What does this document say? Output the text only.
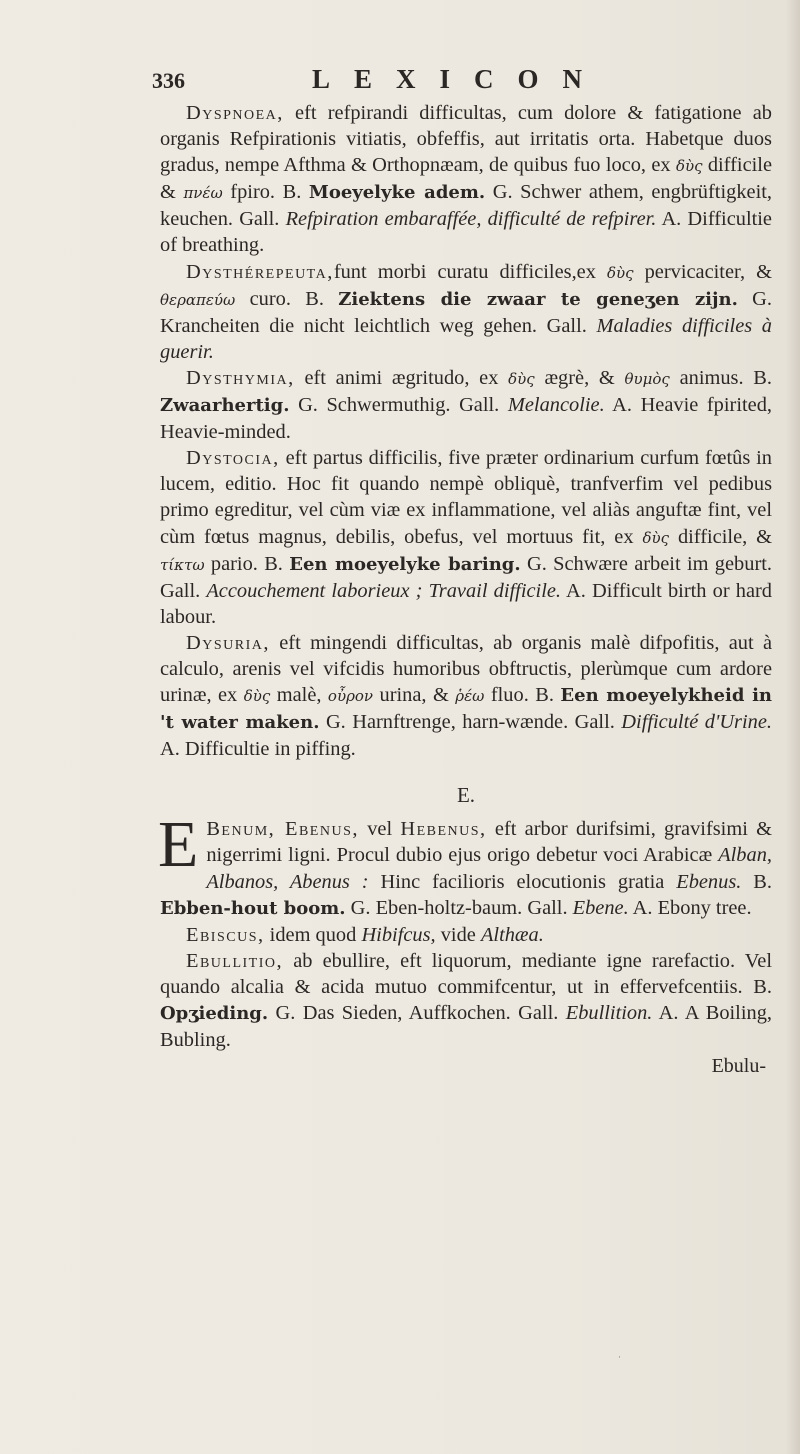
336	LEXICON

Dyspnoea, eft refpirandi difficultas, cum dolore & fatigatione ab organis Refpirationis vitiatis, obfeffis, aut irritatis orta. Habetque duos gradus, nempe Afthma & Orthopnæam, de quibus fuo loco, ex δὺς difficile & πνέω fpiro. B. Moeyelyke adem. G. Schwer athem, engbrüftigkeit, keuchen. Gall. Refpiration embaraffée, difficulté de refpirer. A. Difficultie of breathing.

Dysthérepeuta,funt morbi curatu difficiles,ex δὺς pervicaciter, & θεραπεύω curo. B. Ziektens die zwaar te geneʒen zijn. G. Krancheiten die nicht leichtlich weg gehen. Gall. Maladies difficiles à guerir.

Dysthymia, eft animi ægritudo, ex δὺς ægrè, & θυμὸς animus. B. Zwaarhertig. G. Schwermuthig. Gall. Melancolie. A. Heavie fpirited, Heavie-minded.

Dystocia, eft partus difficilis, five præter ordinarium curfum fœtûs in lucem, editio. Hoc fit quando nempè obliquè, tranfverfim vel pedibus primo egreditur, vel cùm viæ ex inflammatione, vel aliàs anguftæ fint, vel cùm fœtus magnus, debilis, obefus, vel mortuus fit, ex δὺς difficile, & τίκτω pario. B. Een moeyelyke baring. G. Schwære arbeit im geburt. Gall. Accouchement laborieux ; Travail difficile. A. Difficult birth or hard labour.

Dysuria, eft mingendi difficultas, ab organis malè difpofitis, aut à calculo, arenis vel vifcidis humoribus obftructis, plerùmque cum ardore urinæ, ex δὺς malè, οὖρον urina, & ῥέω fluo. B. Een moeyelykheid in 't water maken. G. Harnftrenge, harn-wænde. Gall. Difficulté d'Urine. A. Difficultie in piffing.

E.

E Benum, Ebenus, vel Hebenus, eft arbor durifsimi, gravifsimi & nigerrimi ligni. Procul dubio ejus origo debetur voci Arabicæ Alban, Albanos, Abenus : Hinc facilioris elocutionis gratia Ebenus. B. Ebben-hout boom. G. Eben-holtz-baum. Gall. Ebene. A. Ebony tree.

Ebiscus, idem quod Hibifcus, vide Althæa.

Ebullitio, ab ebullire, eft liquorum, mediante igne rarefactio. Vel quando alcalia & acida mutuo commifcentur, ut in effervefcentiis. B. Opʒieding. G. Das Sieden, Auffkochen. Gall. Ebullition. A. A Boiling, Bubling.

Ebulu-
·
